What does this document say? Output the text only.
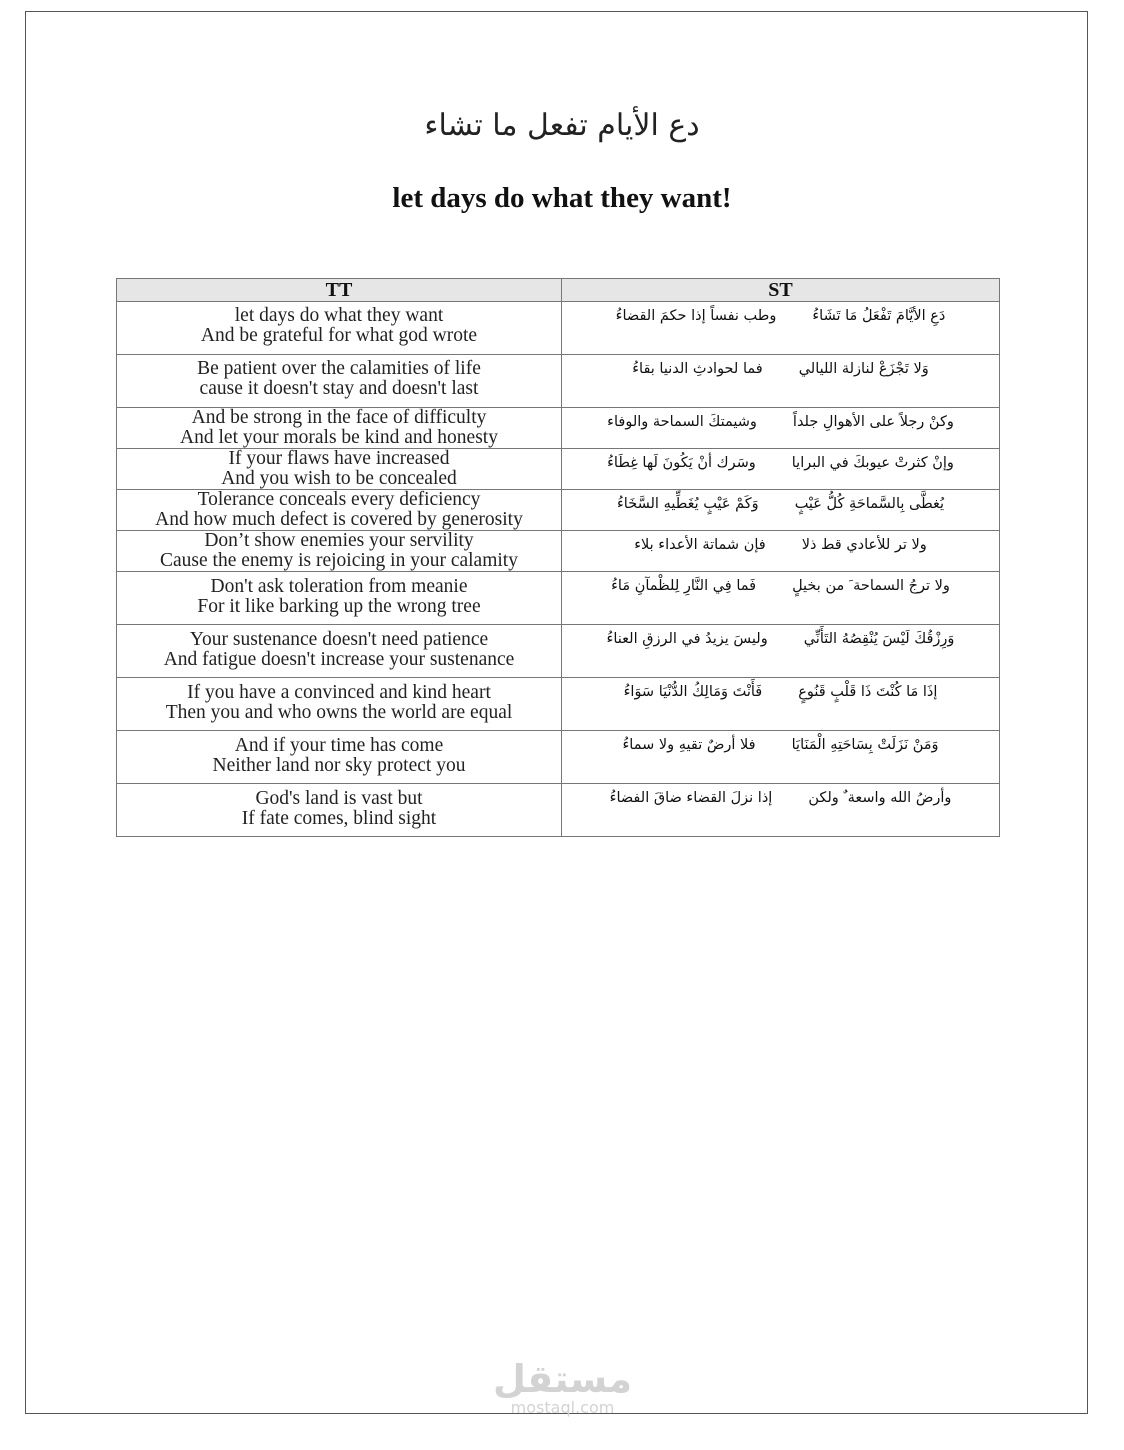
دع الأيام تفعل ما تشاء
let days do what they want!
TT	ST

let days do what they want
And be grateful for what god wrote	دَعِ الأيَّامَ تَفْعَلُ مَا تَشَاءُ
وطب نفساً إذا حكمَ القضاءُ

Be patient over the calamities of life
cause it doesn't stay and doesn't last	وَلا تَجْزَعْ لنازلة الليالي
فما لحوادثِ الدنيا بقاءُ

And be strong in the face of difficulty
And let your morals be kind and honesty	وكنْ رجلاً على الأهوالِ جلداً
وشيمتكَ السماحة والوفاء

If your flaws have increased
And you wish to be concealed	وإنْ كثرتْ عيوبكَ في البرايا
وسَرك أنْ يَكُونَ لَها غِطَاءُ

Tolerance conceals every deficiency
And how much defect is covered by generosity	يُغطَّى بِالسَّماحَةِ كُلُّ عَيْبٍ
وَكَمْ عَيْبٍ يُغَطِّيهِ السَّخَاءُ

Don’t show enemies your servility
Cause the enemy is rejoicing in your calamity	ولا تر للأعادي قط ذلا
فإن شماتة الأعداء بلاء

Don't ask toleration from meanie
For it like barking up the wrong tree	ولا ترجُ السماحة َ من بخيلٍ
فَما فِي النَّارِ لِلظْمآنِ مَاءُ

Your sustenance doesn't need patience
And fatigue doesn't increase your sustenance	وَرِزْقُكَ لَيْسَ يُنْقِصُهُ التَأَنِّي
وليسَ يزيدُ في الرزقِ العناءُ

If you have a convinced and kind heart
Then you and who owns the world are equal	إذَا مَا كُنْتَ ذَا قَلْبٍ قَنُوعٍ
فَأَنْتَ وَمَالِكُ الدُّنْيَا سَوَاءُ

And if your time has come
Neither land nor sky protect you	وَمَنْ نَزَلَتْ بِسَاحَتِهِ الْمَنَايَا
فلا أرضٌ تقيهِ ولا سماءُ

God's land is vast but
If fate comes, blind sight	وأرضُ الله واسعة ٌ ولكن
إذا نزلَ القضاء ضاقَ الفضاءُ
مستقل
mostaql.com
